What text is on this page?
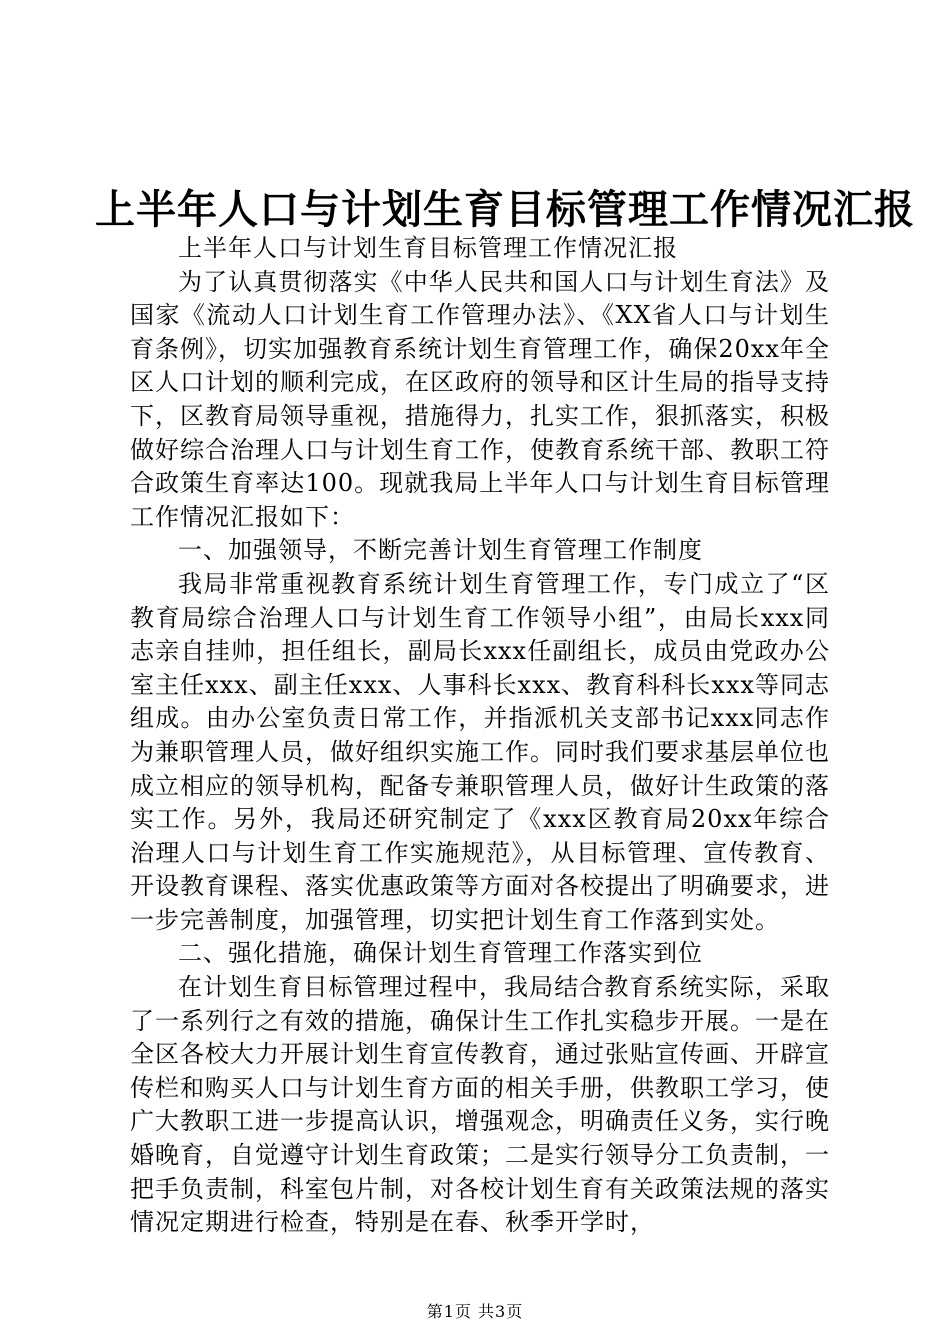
上半年人口与计划生育目标管理工作情况汇报

上半年人口与计划生育目标管理工作情况汇报

为了认真贯彻落实《中华人民共和国人口与计划生育法》及国家《流动人口计划生育工作管理办法》、《XX省人口与计划生育条例》，切实加强教育系统计划生育管理工作，确保20xx年全区人口计划的顺利完成，在区政府的领导和区计生局的指导支持下，区教育局领导重视，措施得力，扎实工作，狠抓落实，积极做好综合治理人口与计划生育工作，使教育系统干部、教职工符合政策生育率达100。现就我局上半年人口与计划生育目标管理工作情况汇报如下：

一、加强领导，不断完善计划生育管理工作制度

我局非常重视教育系统计划生育管理工作，专门成立了“区教育局综合治理人口与计划生育工作领导小组”，由局长xxx同志亲自挂帅，担任组长，副局长xxx任副组长，成员由党政办公室主任xxx、副主任xxx、人事科长xxx、教育科科长xxx等同志组成。由办公室负责日常工作，并指派机关支部书记xxx同志作为兼职管理人员，做好组织实施工作。同时我们要求基层单位也成立相应的领导机构，配备专兼职管理人员，做好计生政策的落实工作。另外，我局还研究制定了《xxx区教育局20xx年综合治理人口与计划生育工作实施规范》，从目标管理、宣传教育、开设教育课程、落实优惠政策等方面对各校提出了明确要求，进一步完善制度，加强管理，切实把计划生育工作落到实处。

二、强化措施，确保计划生育管理工作落实到位

在计划生育目标管理过程中，我局结合教育系统实际，采取了一系列行之有效的措施，确保计生工作扎实稳步开展。一是在全区各校大力开展计划生育宣传教育，通过张贴宣传画、开辟宣传栏和购买人口与计划生育方面的相关手册，供教职工学习，使广大教职工进一步提高认识，增强观念，明确责任义务，实行晚婚晚育，自觉遵守计划生育政策；二是实行领导分工负责制，一把手负责制，科室包片制，对各校计划生育有关政策法规的落实情况定期进行检查，特别是在春、秋季开学时，

第1页 共3页
